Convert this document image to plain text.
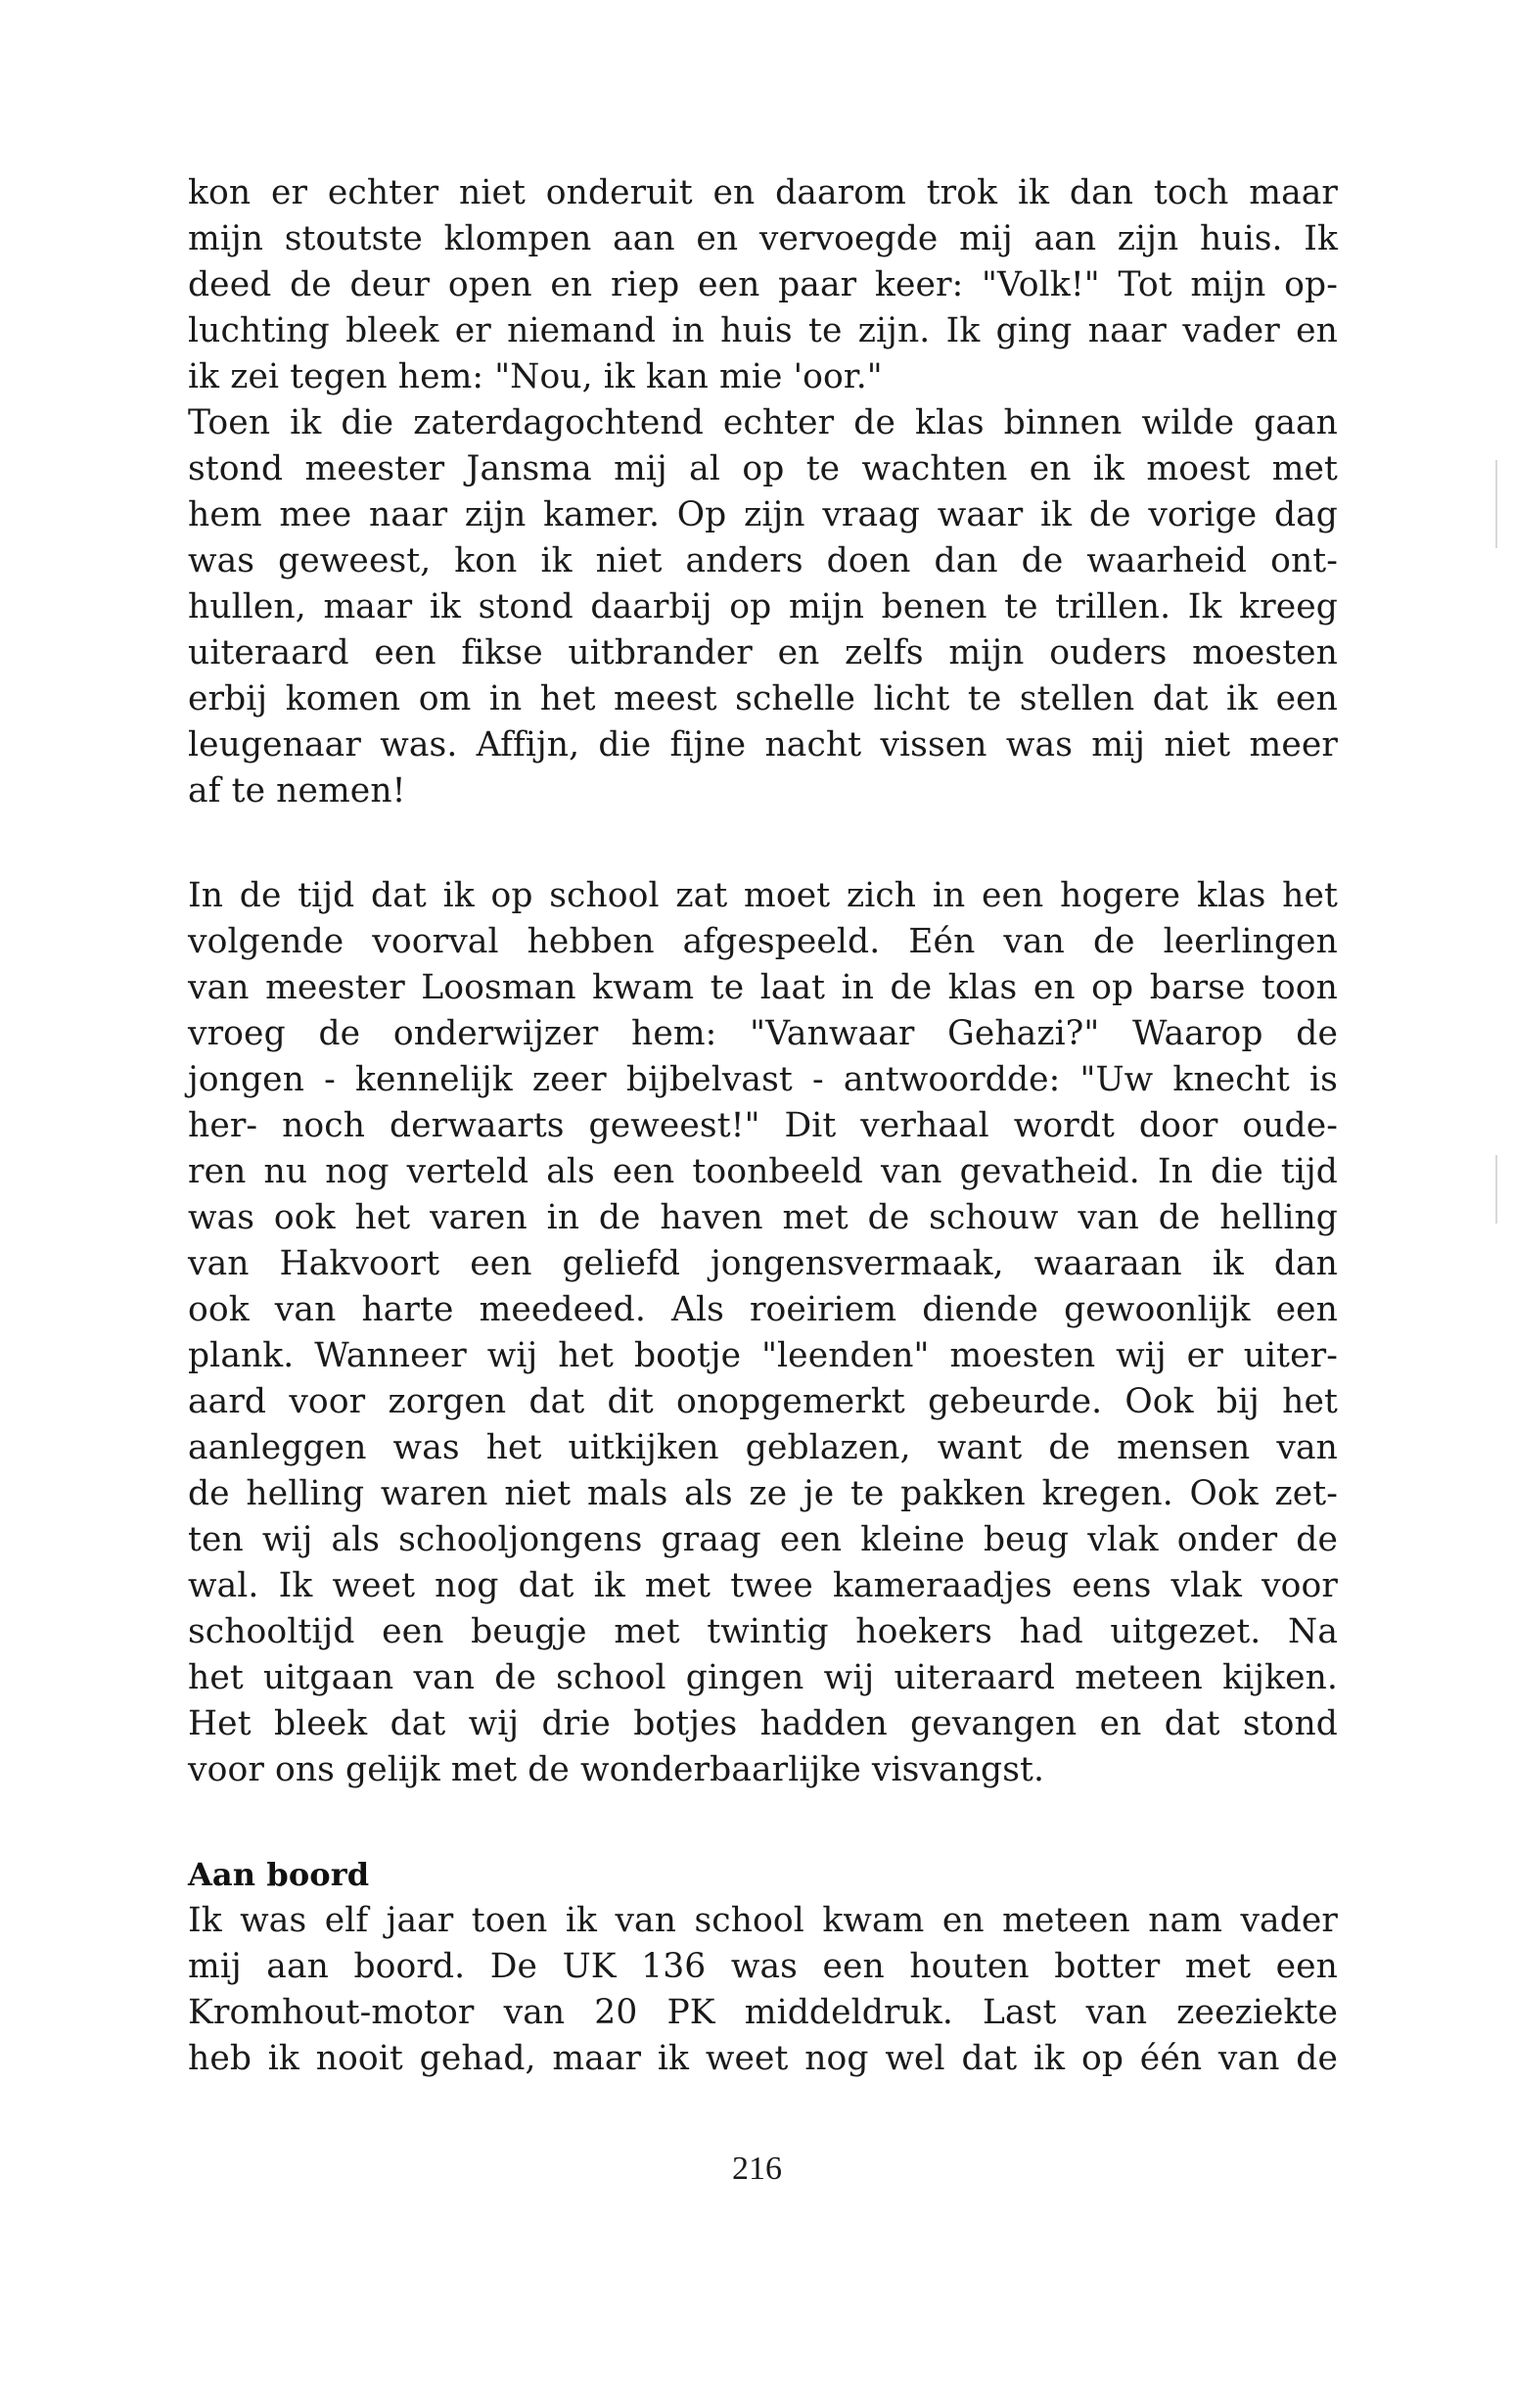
kon er echter niet onderuit en daarom trok ik dan toch maar
mijn stoutste klompen aan en vervoegde mij aan zijn huis. Ik
deed de deur open en riep een paar keer: "Volk!" Tot mijn op-
luchting bleek er niemand in huis te zijn. Ik ging naar vader en
ik zei tegen hem: "Nou, ik kan mie 'oor."
Toen ik die zaterdagochtend echter de klas binnen wilde gaan
stond meester Jansma mij al op te wachten en ik moest met
hem mee naar zijn kamer. Op zijn vraag waar ik de vorige dag
was geweest, kon ik niet anders doen dan de waarheid ont-
hullen, maar ik stond daarbij op mijn benen te trillen. Ik kreeg
uiteraard een fikse uitbrander en zelfs mijn ouders moesten
erbij komen om in het meest schelle licht te stellen dat ik een
leugenaar was. Affijn, die fijne nacht vissen was mij niet meer
af te nemen!
In de tijd dat ik op school zat moet zich in een hogere klas het
volgende voorval hebben afgespeeld. Eén van de leerlingen
van meester Loosman kwam te laat in de klas en op barse toon
vroeg de onderwijzer hem: "Vanwaar Gehazi?" Waarop de
jongen - kennelijk zeer bijbelvast - antwoordde: "Uw knecht is
her- noch derwaarts geweest!" Dit verhaal wordt door oude-
ren nu nog verteld als een toonbeeld van gevatheid. In die tijd
was ook het varen in de haven met de schouw van de helling
van Hakvoort een geliefd jongensvermaak, waaraan ik dan
ook van harte meedeed. Als roeiriem diende gewoonlijk een
plank. Wanneer wij het bootje "leenden" moesten wij er uiter-
aard voor zorgen dat dit onopgemerkt gebeurde. Ook bij het
aanleggen was het uitkijken geblazen, want de mensen van
de helling waren niet mals als ze je te pakken kregen. Ook zet-
ten wij als schooljongens graag een kleine beug vlak onder de
wal. Ik weet nog dat ik met twee kameraadjes eens vlak voor
schooltijd een beugje met twintig hoekers had uitgezet. Na
het uitgaan van de school gingen wij uiteraard meteen kijken.
Het bleek dat wij drie botjes hadden gevangen en dat stond
voor ons gelijk met de wonderbaarlijke visvangst.
Aan boord
Ik was elf jaar toen ik van school kwam en meteen nam vader
mij aan boord. De UK 136 was een houten botter met een
Kromhout-motor van 20 PK middeldruk. Last van zeeziekte
heb ik nooit gehad, maar ik weet nog wel dat ik op één van de
216
